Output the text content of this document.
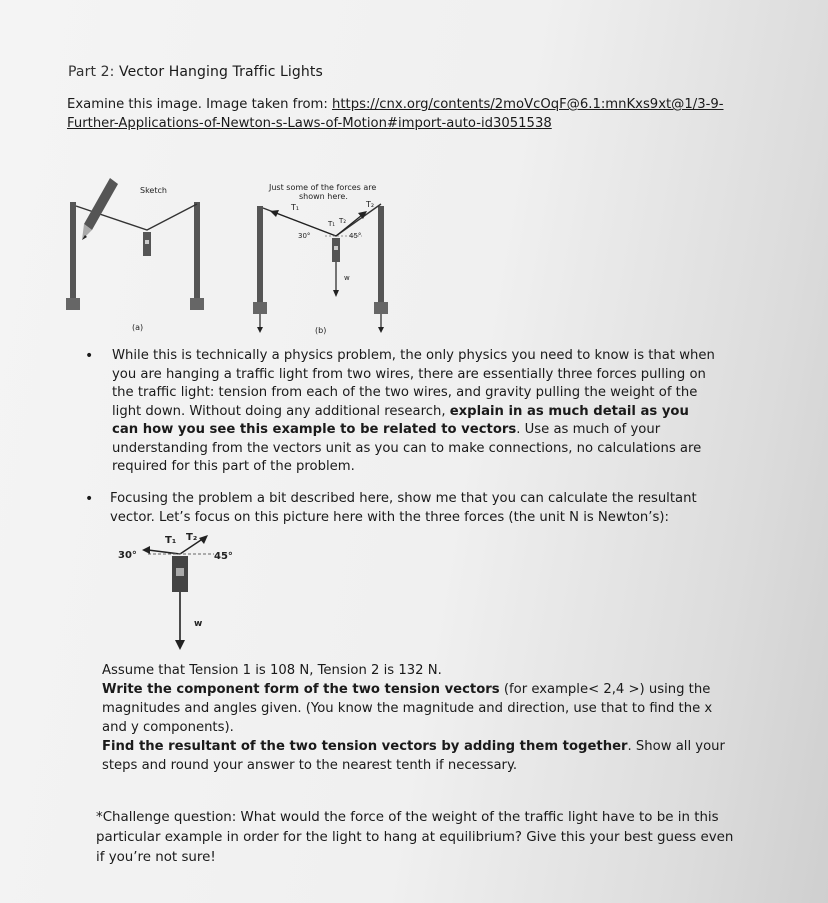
Part 2: Vector Hanging Traffic Lights
Examine this image. Image taken from: https://cnx.org/contents/2moVcOqF@6.1:mnKxs9xt@1/3-9-Further-Applications-of-Newton-s-Laws-of-Motion#import-auto-id3051538
Sketch
(a)
Just some of the forces are
shown here.
T₁	T₂
T₁ T₂
30°	45°
w
(b)
• While this is technically a physics problem, the only physics you need to know is that when you are hanging a traffic light from two wires, there are essentially three forces pulling on the traffic light: tension from each of the two wires, and gravity pulling the weight of the light down. Without doing any additional research, explain in as much detail as you can how you see this example to be related to vectors. Use as much of your understanding from the vectors unit as you can to make connections, no calculations are required for this part of the problem.
• Focusing the problem a bit described here, show me that you can calculate the resultant vector. Let’s focus on this picture here with the three forces (the unit N is Newton’s):
30°	45°
T₁ T₂
w
Assume that Tension 1 is 108 N, Tension 2 is 132 N.
Write the component form of the two tension vectors (for example< 2,4 >) using the magnitudes and angles given. (You know the magnitude and direction, use that to find the x and y components).
Find the resultant of the two tension vectors by adding them together. Show all your steps and round your answer to the nearest tenth if necessary.
*Challenge question: What would the force of the weight of the traffic light have to be in this particular example in order for the light to hang at equilibrium? Give this your best guess even if you’re not sure!
